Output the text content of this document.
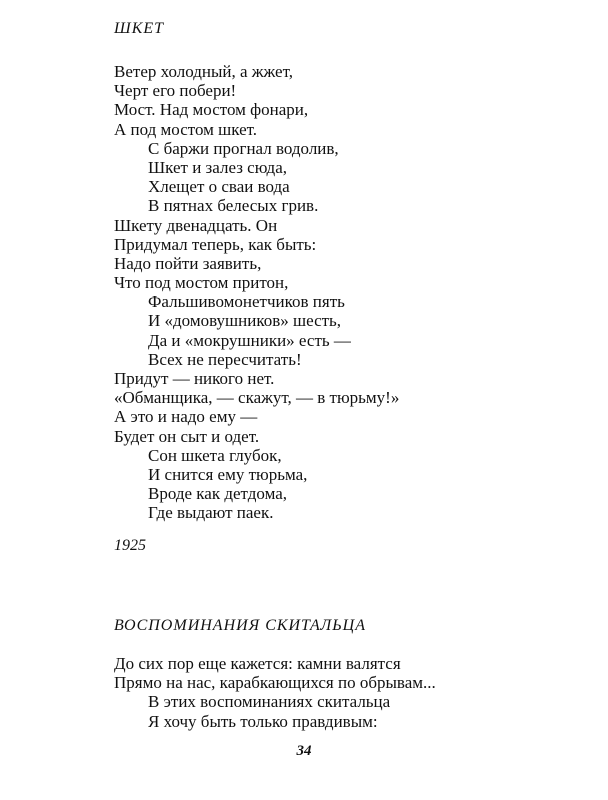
ШКЕТ
Ветер холодный, а жжет,
Черт его побери!
Мост. Над мостом фонари,
А под мостом шкет.
С баржи прогнал водолив,
Шкет и залез сюда,
Хлещет о сваи вода
В пятнах белесых грив.
Шкету двенадцать. Он
Придумал теперь, как быть:
Надо пойти заявить,
Что под мостом притон,
Фальшивомонетчиков пять
И «домовушников» шесть,
Да и «мокрушники» есть —
Всех не пересчитать!
Придут — никого нет.
«Обманщика, — скажут, — в тюрьму!»
А это и надо ему —
Будет он сыт и одет.
Сон шкета глубок,
И снится ему тюрьма,
Вроде как детдома,
Где выдают паек.

1925

ВОСПОМИНАНИЯ СКИТАЛЬЦА
До сих пор еще кажется: камни валятся
Прямо на нас, карабкающихся по обрывам...
В этих воспоминаниях скитальца
Я хочу быть только правдивым:

34
